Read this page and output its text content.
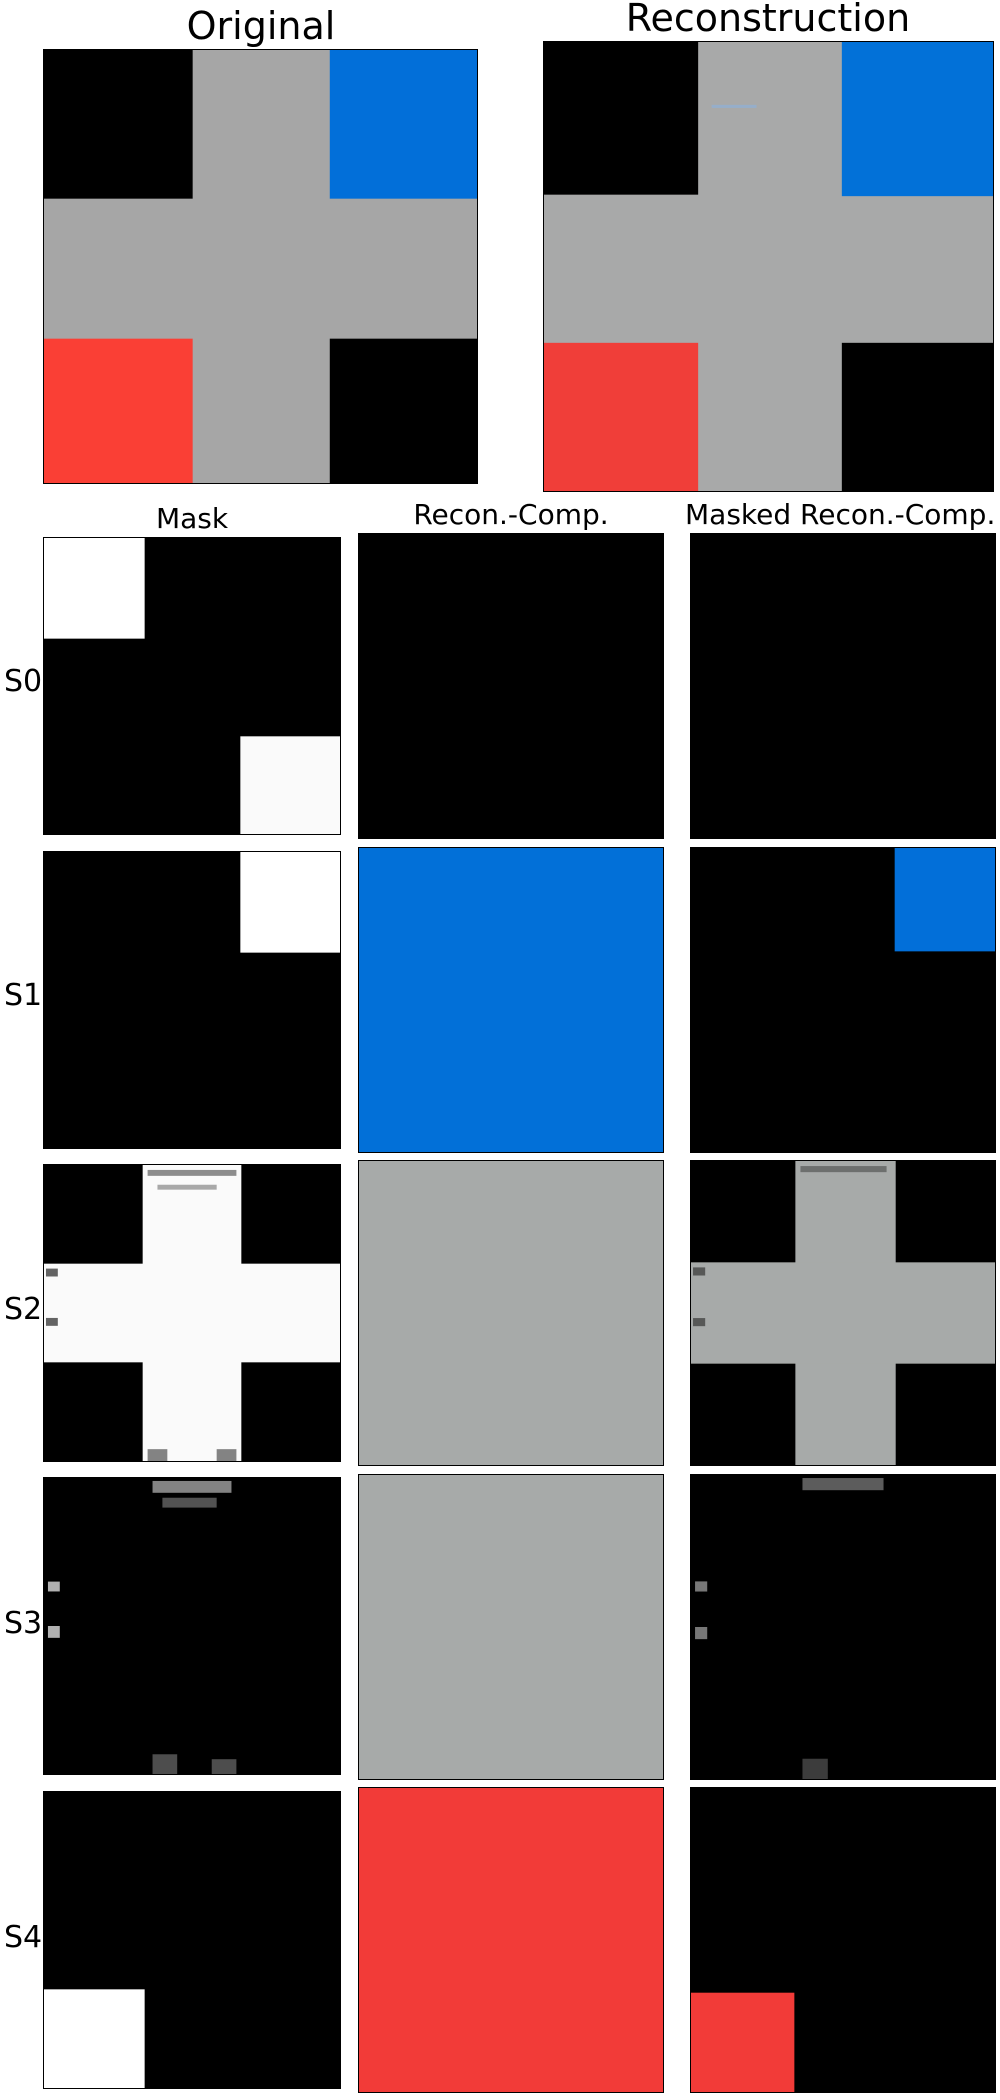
Original	Reconstruction
Mask	Recon.-Comp.	Masked Recon.-Comp.
S0
S1
S2
S3
S4
